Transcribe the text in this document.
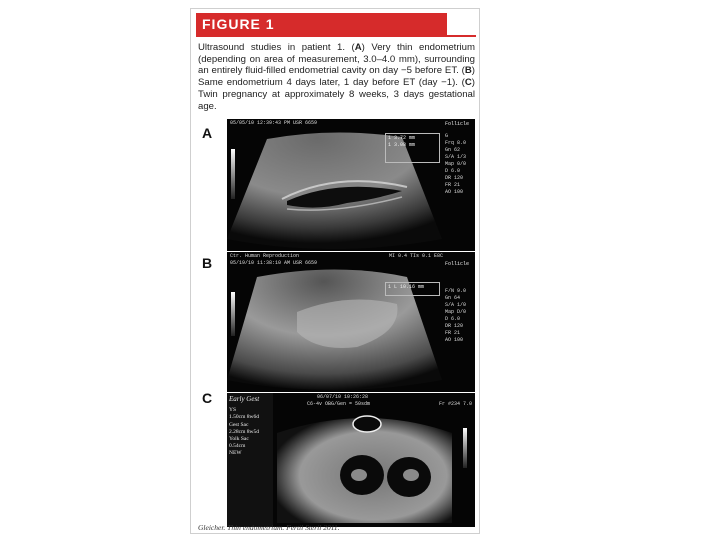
FIGURE 1

Ultrasound studies in patient 1. (A) Very thin endometrium (depending on area of measurement, 3.0–4.0 mm), surrounding an entirely fluid-filled endometrial cavity on day −5 before ET. (B) Same endometrium 4 days later, 1 day before ET (day −1). (C) Twin pregnancy at approximately 8 weeks, 3 days gestational age.

A
05/05/10 12:39:43 PM USR 6659
1 3.72 mm
1 3.08 mm
G
Frq 8.0
Gn 62
S/A 1/3
Map 0/0
D 6.0
DR 120
FR 21
AO 100
Follicle
B	Ctr. Human Reproduction
05/19/10 11:38:10 AM USR 6659
MI 0.4 TIs 0.1 E8C
1 L 10.16 mm
F/N 9.0
Gn 64
S/A 1/0
Map D/0
D 6.0
DR 120
FR 21
AO 100
Follicle
C Early Gest
YS
1.50cm 8w6d
Gest Sac
2.28cm 8w5d
Yolk Sac
0.54cm
NEW
06/07/10 10:26:28
C6-4v OBG/Gen = 50sdm	Fr #234 7.0
Gleicher. Thin endometrium. Fertil Steril 2011.
